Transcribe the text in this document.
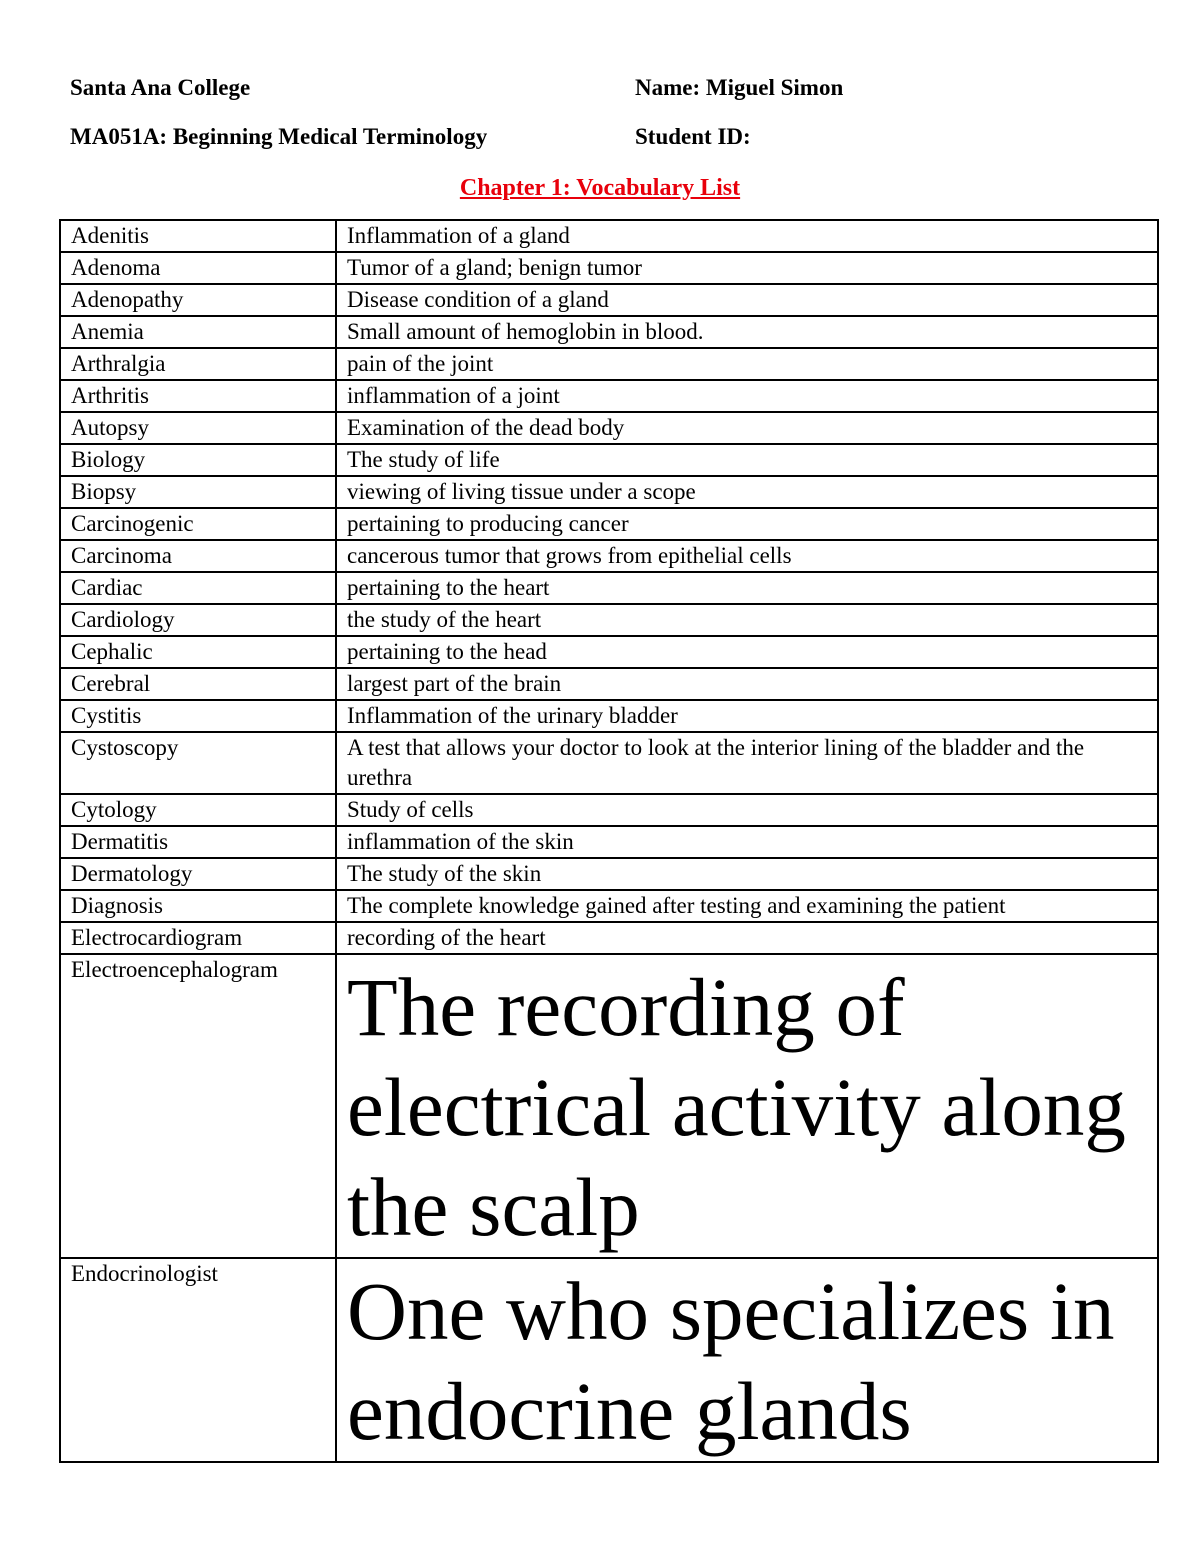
Santa Ana College
MA051A: Beginning Medical Terminology
Name: Miguel Simon
Student ID:
Chapter 1: Vocabulary List
Adenitis	Inflammation of a gland
Adenoma	Tumor of a gland; benign tumor
Adenopathy	Disease condition of a gland
Anemia	Small amount of hemoglobin in blood.
Arthralgia	pain of the joint
Arthritis	inflammation of a joint
Autopsy	Examination of the dead body
Biology	The study of life
Biopsy	viewing of living tissue under a scope
Carcinogenic	pertaining to producing cancer
Carcinoma	cancerous tumor that grows from epithelial cells
Cardiac	pertaining to the heart
Cardiology	the study of the heart
Cephalic	pertaining to the head
Cerebral	largest part of the brain
Cystitis	Inflammation of the urinary bladder
Cystoscopy	A test that allows your doctor to look at the interior lining of the bladder and the urethra
Cytology	Study of cells
Dermatitis	inflammation of the skin
Dermatology	The study of the skin
Diagnosis	The complete knowledge gained after testing and examining the patient
Electrocardiogram	recording of the heart
Electroencephalogram	The recording of electrical activity along the scalp

Endocrinologist	One who specializes in endocrine glands
